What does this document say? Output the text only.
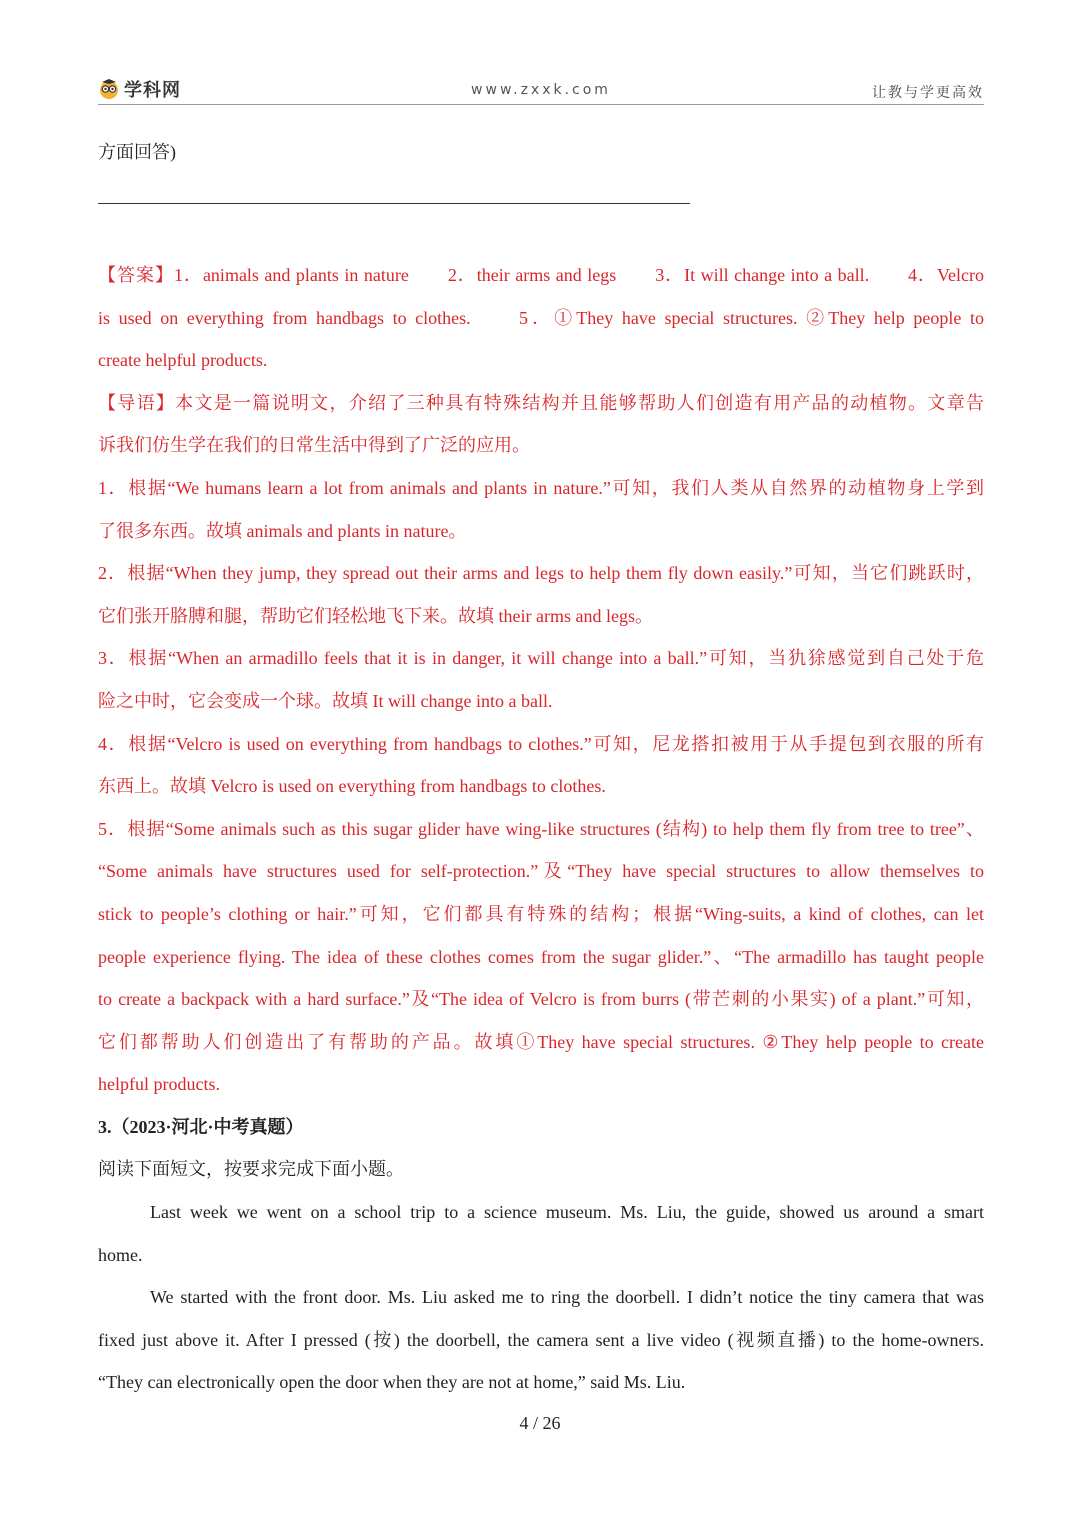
学科网	www.zxxk.com	让教与学更高效
方面回答)
【答案】1．animals and plants in nature　　2．their arms and legs　　3．It will change into a ball.　　4．Velcro
is used on everything from handbags to clothes.　　5．①They have special structures. ②They help people to
create helpful products.
【导语】本文是一篇说明文，介绍了三种具有特殊结构并且能够帮助人们创造有用产品的动植物。文章告
诉我们仿生学在我们的日常生活中得到了广泛的应用。
1．根据“We humans learn a lot from animals and plants in nature.”可知，我们人类从自然界的动植物身上学到
了很多东西。故填 animals and plants in nature。
2．根据“When they jump, they spread out their arms and legs to help them fly down easily.”可知，当它们跳跃时，
它们张开胳膊和腿，帮助它们轻松地飞下来。故填 their arms and legs。
3．根据“When an armadillo feels that it is in danger, it will change into a ball.”可知，当犰狳感觉到自己处于危
险之中时，它会变成一个球。故填 It will change into a ball.
4．根据“Velcro is used on everything from handbags to clothes.”可知，尼龙搭扣被用于从手提包到衣服的所有
东西上。故填 Velcro is used on everything from handbags to clothes.
5．根据“Some animals such as this sugar glider have wing-like structures (结构) to help them fly from tree to tree”、
“Some animals have structures used for self-protection.”及“They have special structures to allow themselves to
stick to people’s clothing or hair.”可知，它们都具有特殊的结构；根据“Wing-suits, a kind of clothes, can let
people experience flying. The idea of these clothes comes from the sugar glider.”、“The armadillo has taught people
to create a backpack with a hard surface.”及“The idea of Velcro is from burrs (带芒刺的小果实) of a plant.”可知，
它们都帮助人们创造出了有帮助的产品。故填①They have special structures. ②They help people to create
helpful products.
3.（2023·河北·中考真题）
阅读下面短文，按要求完成下面小题。
Last week we went on a school trip to a science museum. Ms. Liu, the guide, showed us around a smart
home.
We started with the front door. Ms. Liu asked me to ring the doorbell. I didn’t notice the tiny camera that was
fixed just above it. After I pressed (按) the doorbell, the camera sent a live video (视频直播) to the home-owners.
“They can electronically open the door when they are not at home,” said Ms. Liu.
4 / 26
